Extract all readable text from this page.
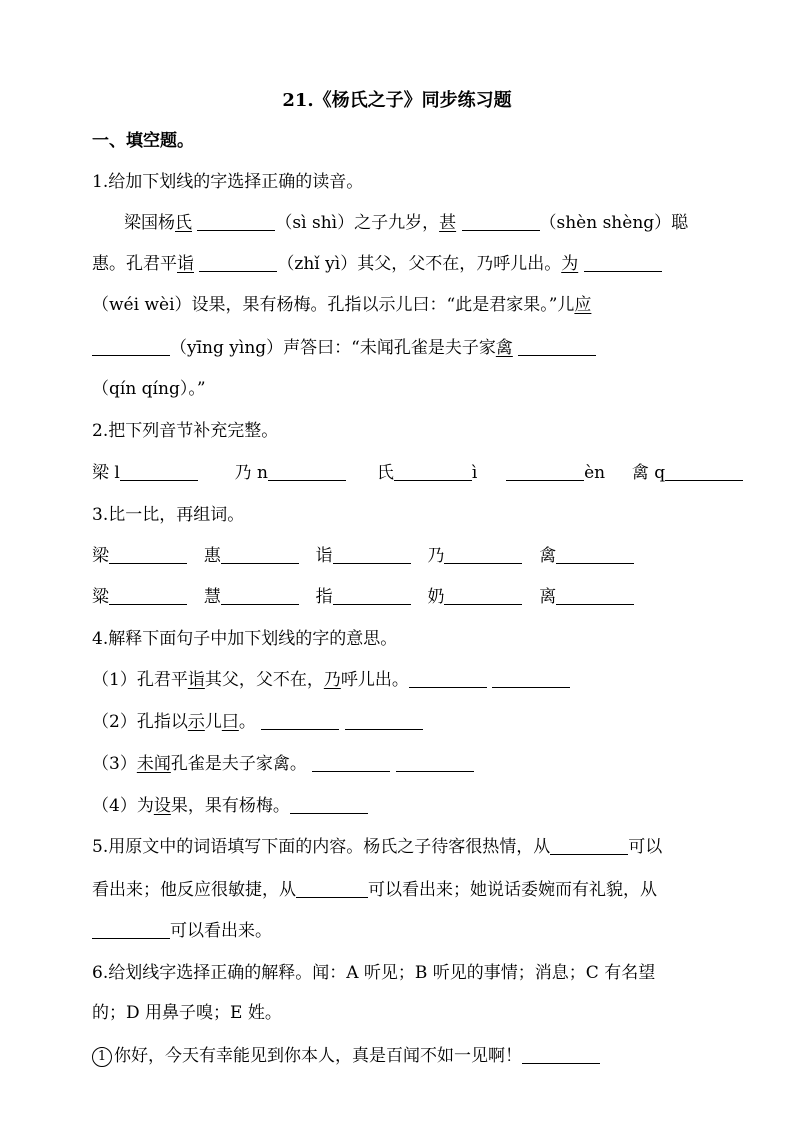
21.《杨氏之子》同步练习题
一、填空题。
1.给加下划线的字选择正确的读音。
梁国杨氏	（sì shì）之子九岁，甚	（shèn shèng）聪
惠。孔君平诣	（zhǐ yì）其父，父不在，乃呼儿出。为
（wéi wèi）设果，果有杨梅。孔指以示儿曰：“此是君家果。”儿应
（yīng yìng）声答曰：“未闻孔雀是夫子家禽
（qín qíng）。”
2.把下列音节补充完整。
梁 l	乃 n	氏	ì	èn 禽 q
3.比一比，再组词。
梁	惠	诣	乃	禽
粱	慧	指	奶	离
4.解释下面句子中加下划线的字的意思。
（1）孔君平诣其父，父不在，乃呼儿出。
（2）孔指以示儿曰。
（3）未闻孔雀是夫子家禽。
（4）为设果，果有杨梅。
5.用原文中的词语填写下面的内容。杨氏之子待客很热情，从	可以
看出来；他反应很敏捷，从	可以看出来；她说话委婉而有礼貌，从
可以看出来。
6.给划线字选择正确的解释。闻：A 听见；B 听见的事情；消息；C 有名望
的；D 用鼻子嗅；E 姓。
1 你好，今天有幸能见到你本人，真是百闻不如一见啊！
